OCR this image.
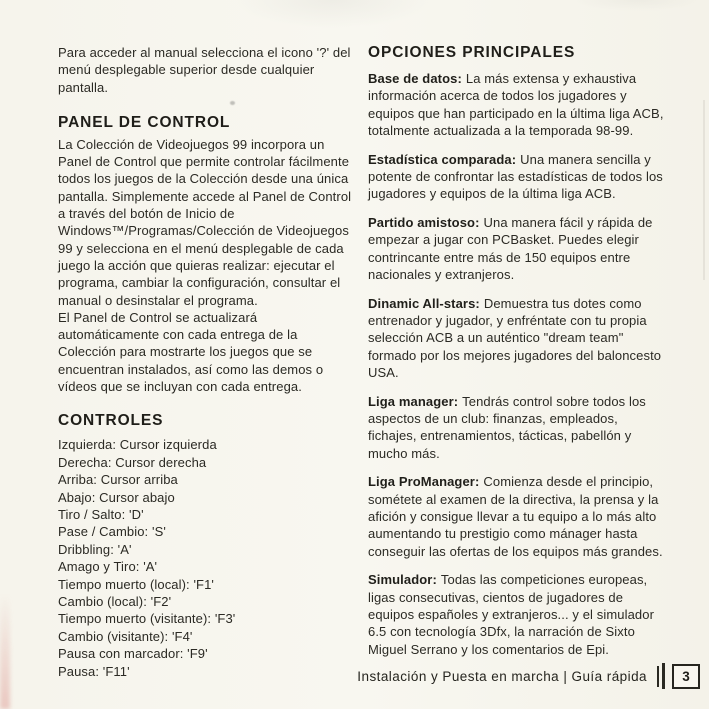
Para acceder al manual selecciona el icono '?' del menú desplegable superior desde cualquier pantalla.

PANEL DE CONTROL

La Colección de Videojuegos 99 incorpora un Panel de Control que permite controlar fácilmente todos los juegos de la Colección desde una única pantalla. Simplemente accede al Panel de Control a través del botón de Inicio de Windows™/Programas/Colección de Videojuegos 99 y selecciona en el menú desplegable de cada juego la acción que quieras realizar: ejecutar el programa, cambiar la configuración, consultar el manual o desinstalar el programa.

El Panel de Control se actualizará automáticamente con cada entrega de la Colección para mostrarte los juegos que se encuentran instalados, así como las demos o vídeos que se incluyan con cada entrega.

CONTROLES
Izquierda: Cursor izquierda
Derecha: Cursor derecha
Arriba: Cursor arriba
Abajo: Cursor abajo
Tiro / Salto: 'D'
Pase / Cambio: 'S'
Dribbling: 'A'
Amago y Tiro: 'A'
Tiempo muerto (local): 'F1'
Cambio (local): 'F2'
Tiempo muerto (visitante): 'F3'
Cambio (visitante): 'F4'
Pausa con marcador: 'F9'
Pausa: 'F11'
OPCIONES PRINCIPALES

Base de datos: La más extensa y exhaustiva información acerca de todos los jugadores y equipos que han participado en la última liga ACB, totalmente actualizada a la temporada 98-99.

Estadística comparada: Una manera sencilla y potente de confrontar las estadísticas de todos los jugadores y equipos de la última liga ACB.

Partido amistoso: Una manera fácil y rápida de empezar a jugar con PCBasket. Puedes elegir contrincante entre más de 150 equipos entre nacionales y extranjeros.

Dinamic All-stars: Demuestra tus dotes como entrenador y jugador, y enfréntate con tu propia selección ACB a un auténtico "dream team" formado por los mejores jugadores del baloncesto USA.

Liga manager: Tendrás control sobre todos los aspectos de un club: finanzas, empleados, fichajes, entrenamientos, tácticas, pabellón y mucho más.

Liga ProManager: Comienza desde el principio, sométete al examen de la directiva, la prensa y la afición y consigue llevar a tu equipo a lo más alto aumentando tu prestigio como mánager hasta conseguir las ofertas de los equipos más grandes.

Simulador: Todas las competiciones europeas, ligas consecutivas, cientos de jugadores de equipos españoles y extranjeros... y el simulador 6.5 con tecnología 3Dfx, la narración de Sixto Miguel Serrano y los comentarios de Epi.

Instalación y Puesta en marcha | Guía rápida	3
